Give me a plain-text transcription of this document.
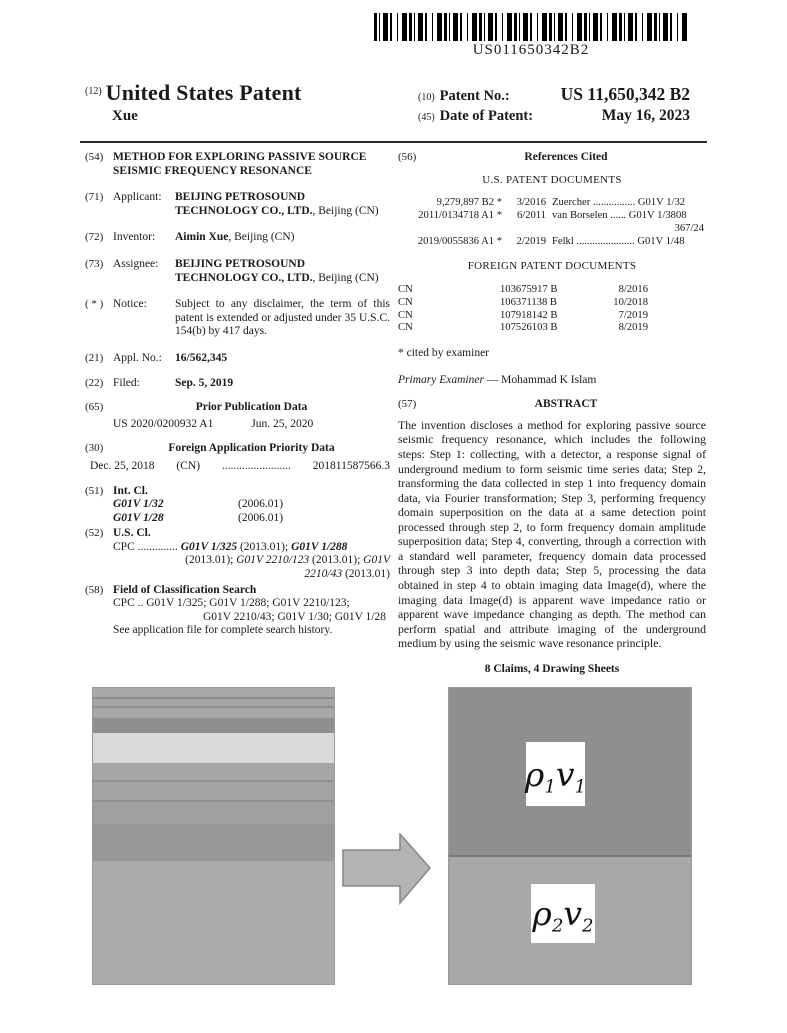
US011650342B2
$^{(12)}$ United States Patent
Xue
(10) Patent No.:	US 11,650,342 B2
(45) Date of Patent:	May 16, 2023
(54) METHOD FOR EXPLORING PASSIVE SOURCE SEISMIC FREQUENCY RESONANCE
(71) Applicant:	BEIJING PETROSOUND TECHNOLOGY CO., LTD., Beijing (CN)
(72) Inventor:	Aimin Xue, Beijing (CN)
(73) Assignee:	BEIJING PETROSOUND TECHNOLOGY CO., LTD., Beijing (CN)
( * ) Notice:	Subject to any disclaimer, the term of this patent is extended or adjusted under 35 U.S.C. 154(b) by 417 days.
(21) Appl. No.:	16/562,345
(22) Filed:	Sep. 5, 2019
(65)	Prior Publication Data
US 2020/0200932 A1	Jun. 25, 2020
(30)	Foreign Application Priority Data
Dec. 25, 2018 (CN) ........................ 201811587566.3
(51) Int. Cl.
G01V 1/32	(2006.01)
G01V 1/28	(2006.01)
(52) U.S. Cl.
CPC .............. G01V 1/325 (2013.01); G01V 1/288
(2013.01); G01V 2210/123 (2013.01); G01V
2210/43 (2013.01)
(58) Field of Classification Search
CPC .. G01V 1/325; G01V 1/288; G01V 2210/123;
G01V 2210/43; G01V 1/30; G01V 1/28
See application file for complete search history.
(56)	References Cited
U.S. PATENT DOCUMENTS
9,279,897 B2 *	3/2016 Zuercher ................ G01V 1/32
2011/0134718 A1 *	6/2011 van Borselen ...... G01V 1/3808
367/24
2019/0055836 A1 *	2/2019 Felkl ...................... G01V 1/48
FOREIGN PATENT DOCUMENTS
CN	103675917 B	8/2016
CN	106371138 B	10/2018
CN	107918142 B	7/2019
CN	107526103 B	8/2019
* cited by examiner
Primary Examiner — Mohammad K Islam
(57)	ABSTRACT
The invention discloses a method for exploring passive source seismic frequency resonance, which includes the following steps: Step 1: collecting, with a detector, a response signal of underground medium to form seismic time series data; Step 2, transforming the data collected in step 1 into frequency domain data, via Fourier transformation; Step 3, performing frequency domain superposition on the data at a same detection point processed through step 2, to form frequency domain amplitude superposition data; Step 4, converting, through a correction with a standard well parameter, frequency domain data processed through step 3 into depth data; Step 5, processing the data obtained in step 4 to obtain imaging data Image(d), where the imaging data Image(d) is apparent wave impedance ratio or apparent wave impedance changing as depth. The method can perform spatial and attribute imaging of the underground medium by using the seismic wave resonance principle.
8 Claims, 4 Drawing Sheets
$\rho_1v_1$
$\rho_2v_2$
